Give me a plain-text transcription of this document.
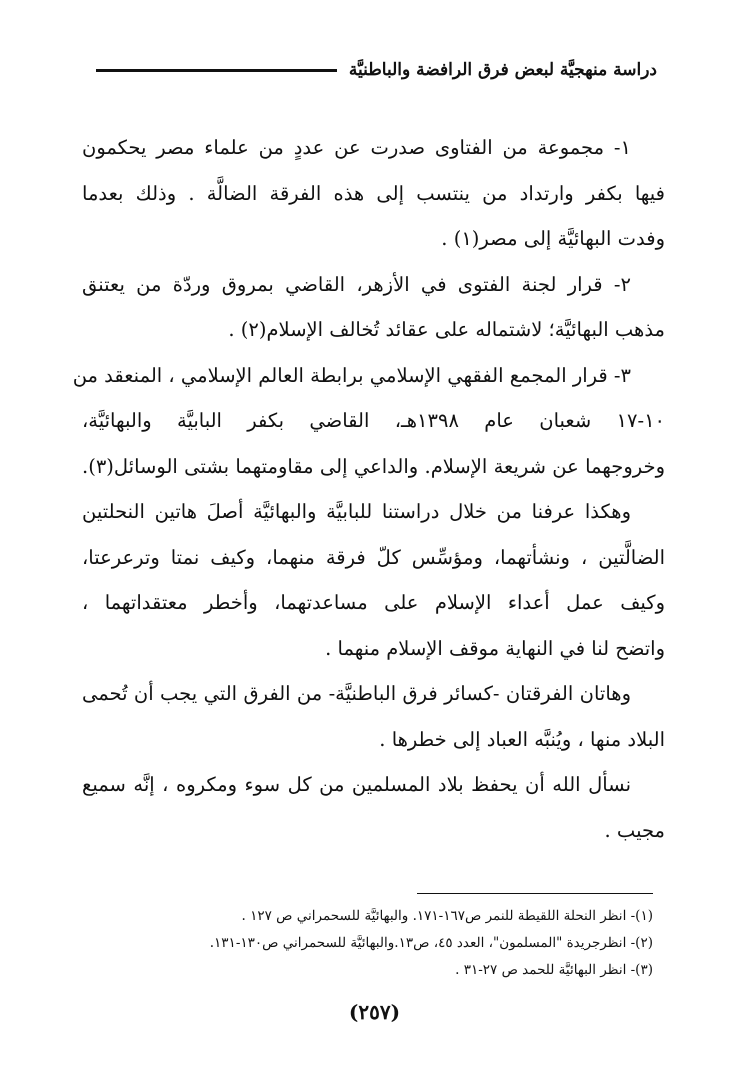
دراسة منهجيَّة لبعض فرق الرافضة والباطنيَّة

١- مجموعة من الفتاوى صدرت عن عددٍ من علماء مصر يحكمون
فيها بكفر وارتداد من ينتسب إلى هذه الفرقة الضالَّة . وذلك بعدما
وفدت البهائيَّة إلى مصر(١) .

٢- قرار لجنة الفتوى في الأزهر، القاضي بمروق وردّة من يعتنق
مذهب البهائيَّة؛ لاشتماله على عقائد تُخالف الإسلام(٢) .

٣- قرار المجمع الفقهي الإسلامي برابطة العالم الإسلامي ، المنعقد من
١٠-١٧ شعبان عام ١٣٩٨هـ، القاضي بكفر البابيَّة والبهائيَّة،
وخروجهما عن شريعة الإسلام. والداعي إلى مقاومتهما بشتى الوسائل(٣).

وهكذا عرفنا من خلال دراستنا للبابيَّة والبهائيَّة أصلَ هاتين النحلتين
الضالَّتين ، ونشأتهما، ومؤسِّس كلّ فرقة منهما، وكيف نمتا وترعرعتا،
وكيف عمل أعداء الإسلام على مساعدتهما، وأخطر معتقداتهما ،
واتضح لنا في النهاية موقف الإسلام منهما .

وهاتان الفرقتان -كسائر فرق الباطنيَّة- من الفرق التي يجب أن تُحمى
البلاد منها ، ويُنبَّه العباد إلى خطرها .

نسأل الله أن يحفظ بلاد المسلمين من كل سوء ومكروه ، إنَّه سميع
مجيب .

(١)- انظر النحلة اللقيطة للنمر ص١٦٧-١٧١. والبهائيَّة للسحمراني ص ١٢٧ .
(٢)- انظرجريدة "المسلمون"، العدد ٤٥، ص١٣.والبهائيَّة للسحمراني ص١٣٠-١٣١.
(٣)- انظر البهائيَّة للحمد ص ٢٧-٣١ .
(٢٥٧)
